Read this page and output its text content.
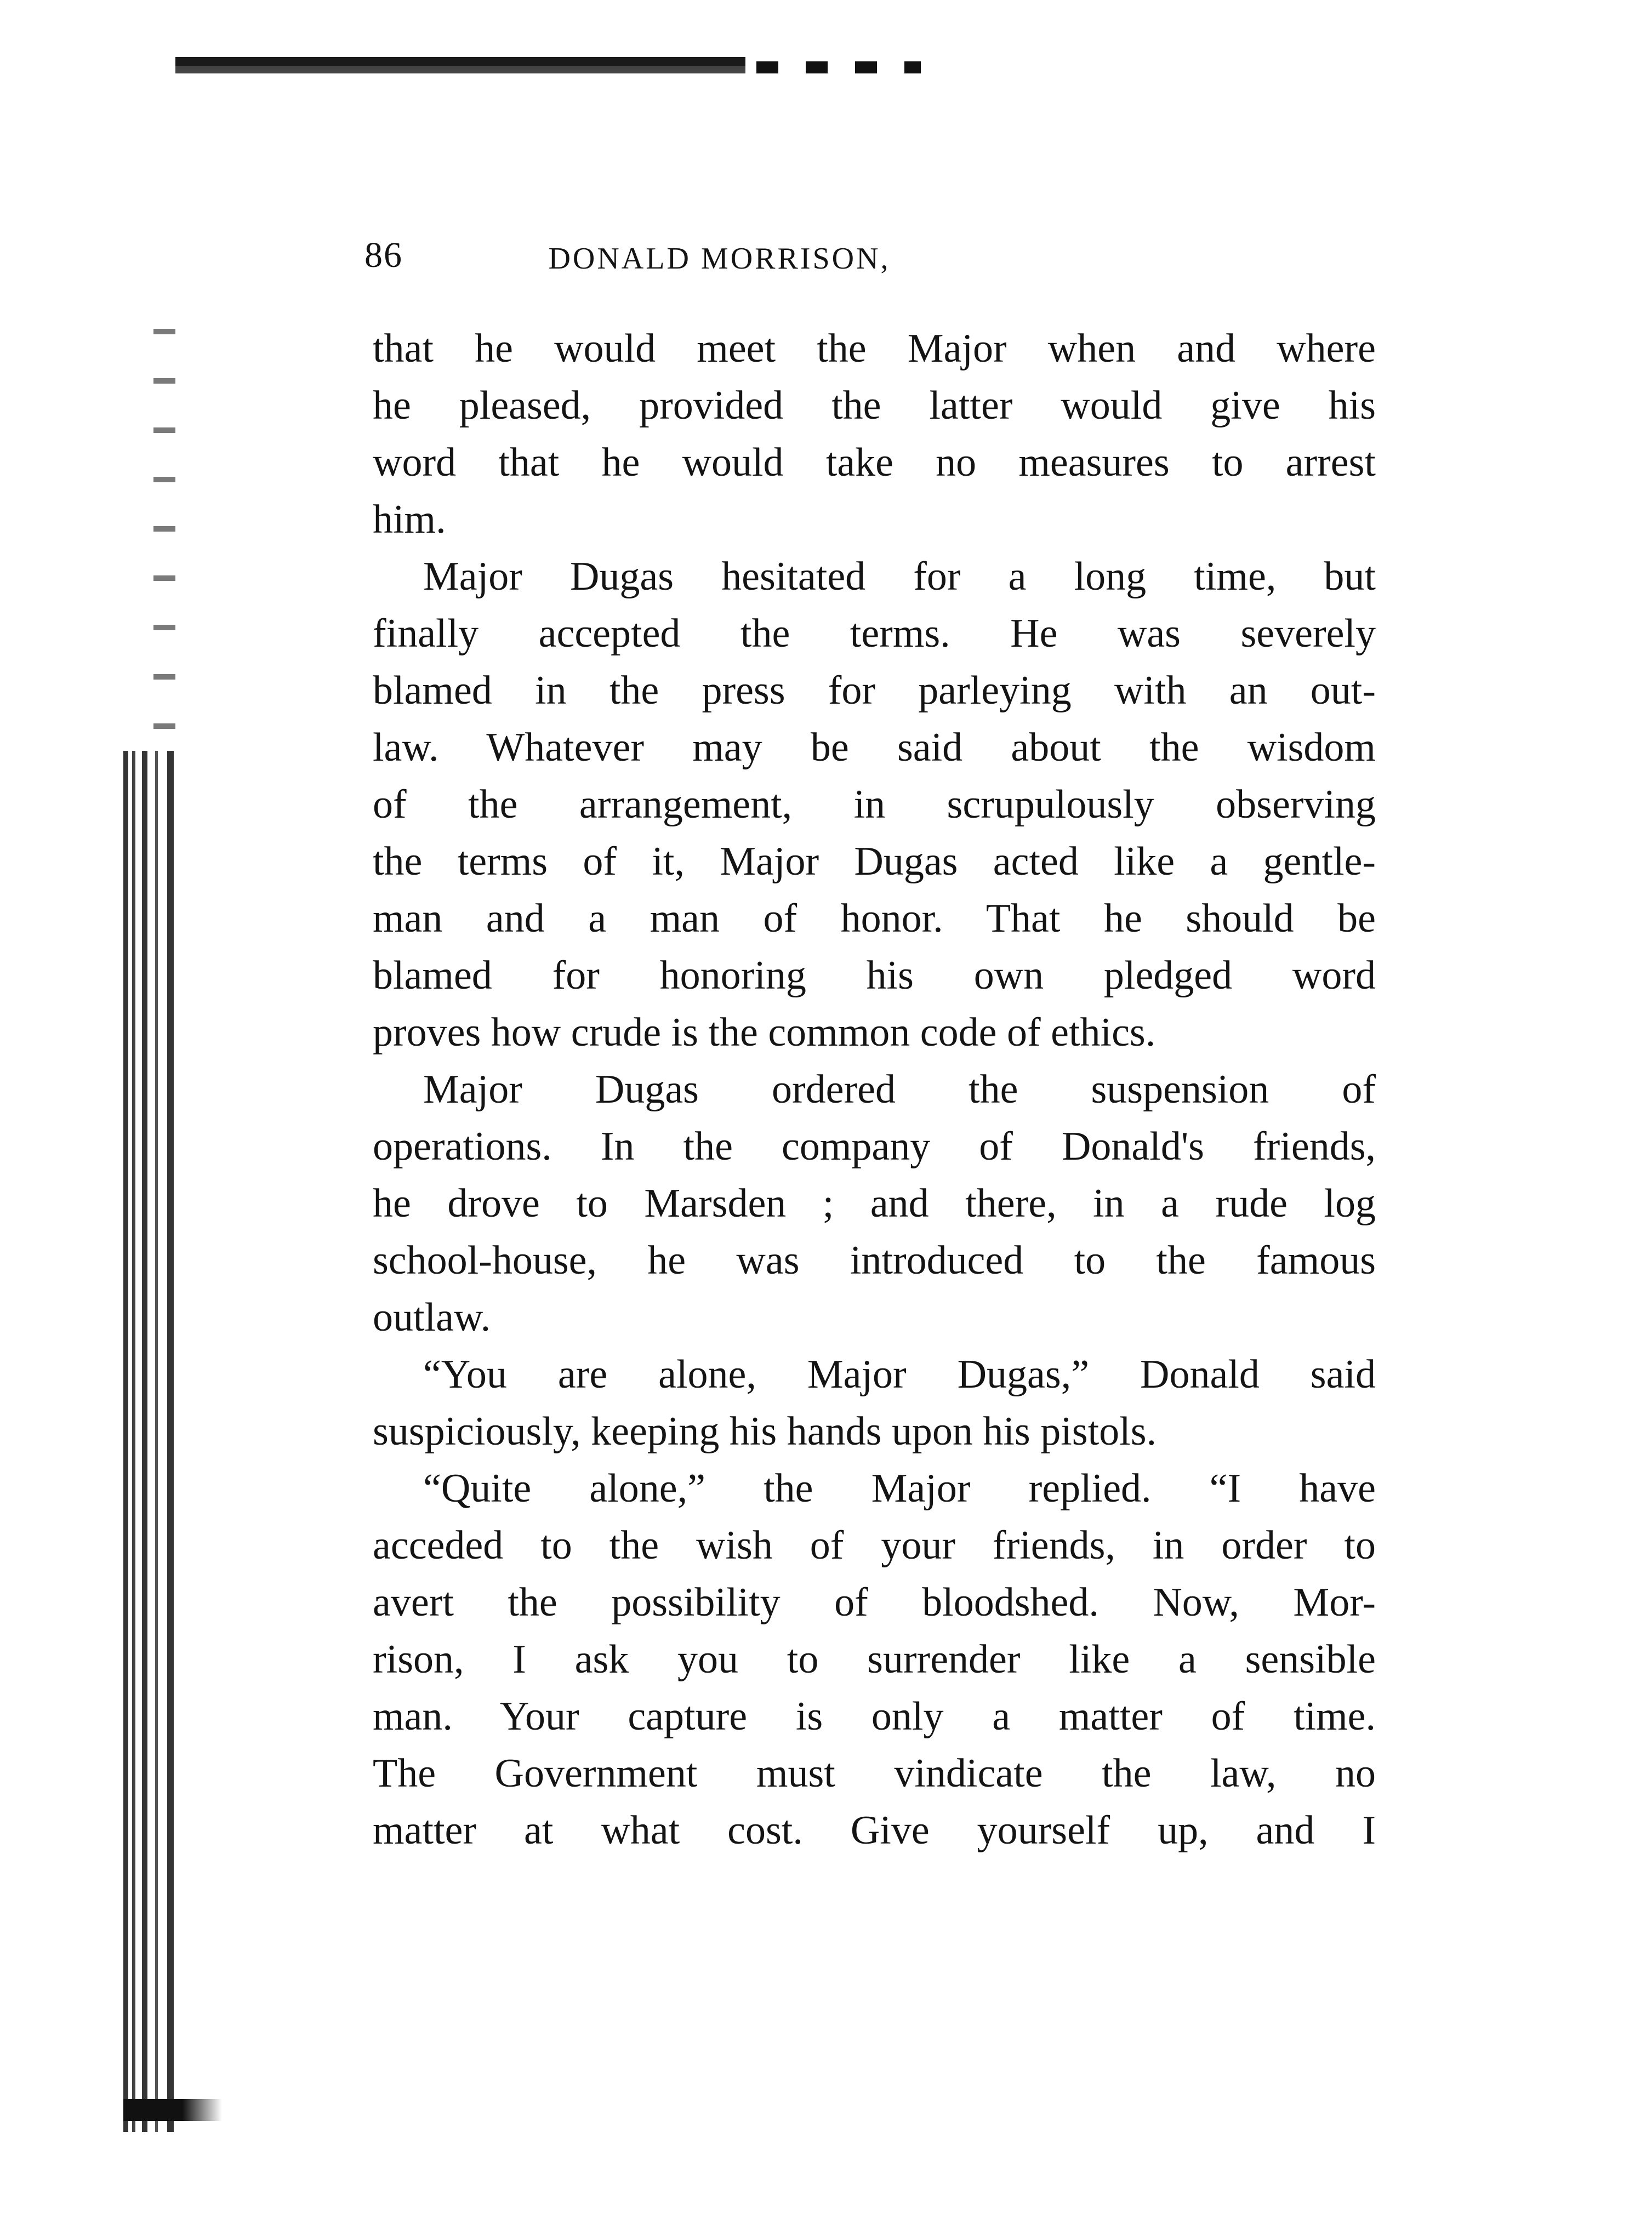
86	DONALD MORRISON,
that he would meet the Major when and where
he pleased, provided the latter would give his
word that he would take no measures to arrest
him.
Major Dugas hesitated for a long time, but
finally accepted the terms. He was severely
blamed in the press for parleying with an out-
law. Whatever may be said about the wisdom
of the arrangement, in scrupulously observing
the terms of it, Major Dugas acted like a gentle-
man and a man of honor. That he should be
blamed for honoring his own pledged word
proves how crude is the common code of ethics.
Major Dugas ordered the suspension of
operations. In the company of Donald's friends,
he drove to Marsden ; and there, in a rude log
school-house, he was introduced to the famous
outlaw.
“You are alone, Major Dugas,” Donald said
suspiciously, keeping his hands upon his pistols.
“Quite alone,” the Major replied. “I have
acceded to the wish of your friends, in order to
avert the possibility of bloodshed. Now, Mor-
rison, I ask you to surrender like a sensible
man. Your capture is only a matter of time.
The Government must vindicate the law, no
matter at what cost. Give yourself up, and I
